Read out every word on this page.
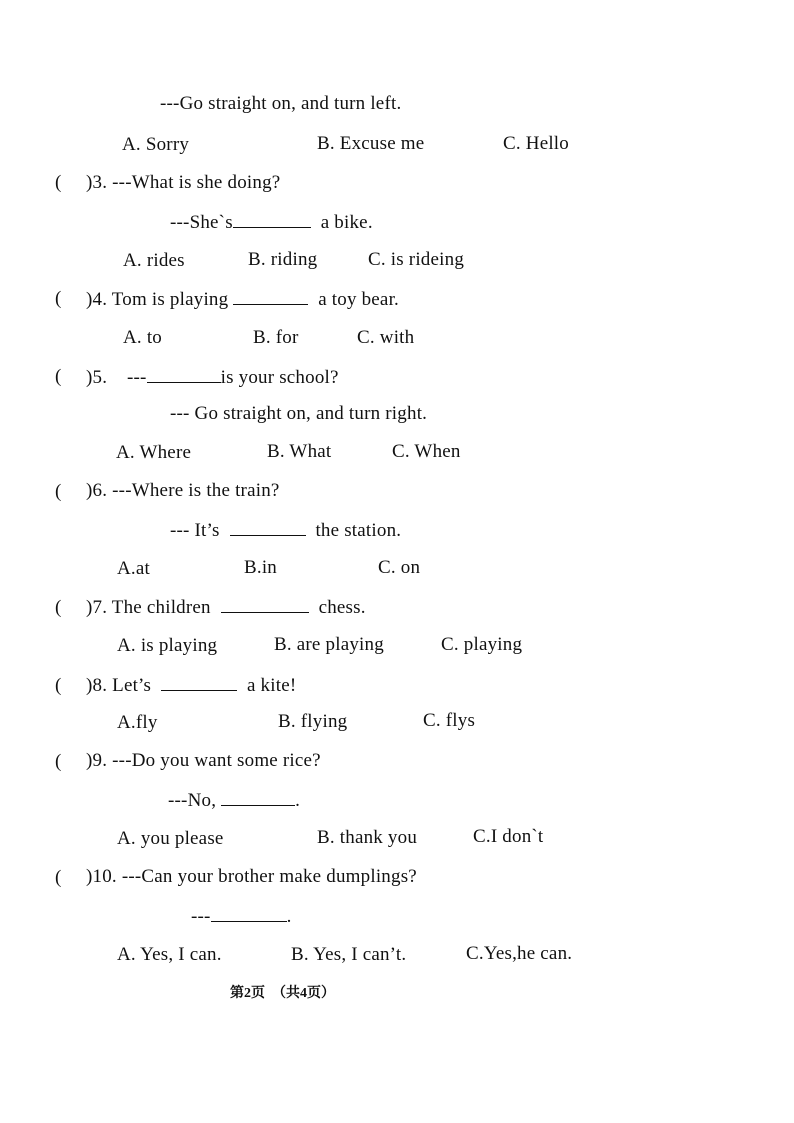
---Go straight on, and turn left.
A. Sorry	B. Excuse me	C. Hello
( )3. ---What is she doing?
---She`s	a bike.
A. rides	B. riding	C. is rideing
( )4. Tom is playing	a toy bear.
A. to	B. for	C. with
( )5. ---	is your school?
--- Go straight on, and turn right.
A. Where	B. What	C. When
( )6. ---Where is the train?
--- It’s	the station.
A.at	B.in	C. on
( )7. The children	chess.
A. is playing	B. are playing	C. playing
( )8. Let’s	a kite!
A.fly	B. flying	C. flys
( )9. ---Do you want some rice?
---No,	.
A. you please	B. thank you	C.I don`t
( )10. ---Can your brother make dumplings?
---	.
A. Yes, I can.	B. Yes, I can’t.	C.Yes,he can.
第2页 （共4页）
